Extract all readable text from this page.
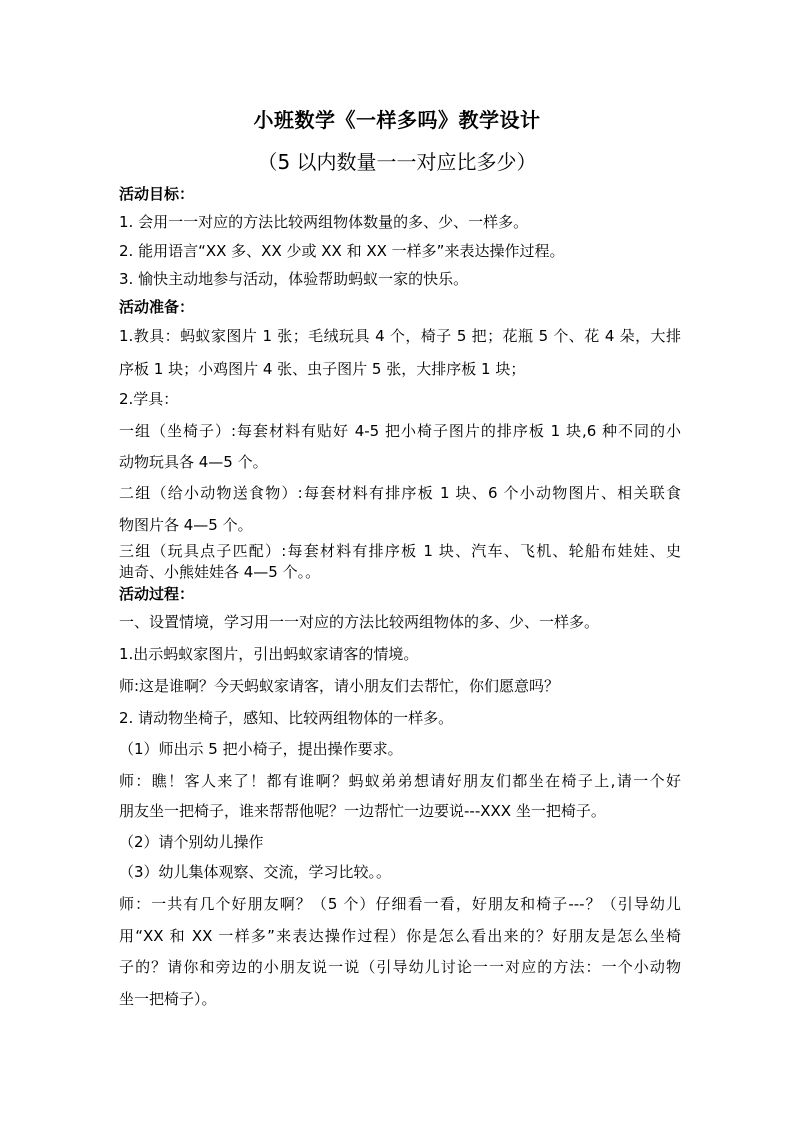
小班数学《一样多吗》教学设计
（5 以内数量一一对应比多少）

活动目标：

1. 会用一一对应的方法比较两组物体数量的多、少、一样多。

2. 能用语言“XX 多、XX 少或 XX 和 XX 一样多”来表达操作过程。

3. 愉快主动地参与活动，体验帮助蚂蚁一家的快乐。

活动准备：

1.教具：蚂蚁家图片 1 张；毛绒玩具 4 个，椅子 5 把；花瓶 5 个、花 4 朵，大排

序板 1 块；小鸡图片 4 张、虫子图片 5 张，大排序板 1 块；

2.学具：

一组（坐椅子）:每套材料有贴好 4-5 把小椅子图片的排序板 1 块,6 种不同的小

动物玩具各 4—5 个。

二组（给小动物送食物）:每套材料有排序板 1 块、6 个小动物图片、相关联食

物图片各 4—5 个。

三组（玩具点子匹配）:每套材料有排序板 1 块、汽车、飞机、轮船布娃娃、史

迪奇、小熊娃娃各 4—5 个。。

活动过程：

一、设置情境，学习用一一对应的方法比较两组物体的多、少、一样多。

1.出示蚂蚁家图片，引出蚂蚁家请客的情境。

师:这是谁啊？今天蚂蚁家请客，请小朋友们去帮忙，你们愿意吗？

2. 请动物坐椅子，感知、比较两组物体的一样多。

（1）师出示 5 把小椅子，提出操作要求。

师：瞧！客人来了！都有谁啊？蚂蚁弟弟想请好朋友们都坐在椅子上,请一个好

朋友坐一把椅子，谁来帮帮他呢？一边帮忙一边要说---XXX 坐一把椅子。

（2）请个别幼儿操作

（3）幼儿集体观察、交流，学习比较。。

师：一共有几个好朋友啊？（5 个）仔细看一看，好朋友和椅子---？（引导幼儿

用“XX 和 XX 一样多”来表达操作过程）你是怎么看出来的？好朋友是怎么坐椅

子的？请你和旁边的小朋友说一说（引导幼儿讨论一一对应的方法：一个小动物

坐一把椅子）。
